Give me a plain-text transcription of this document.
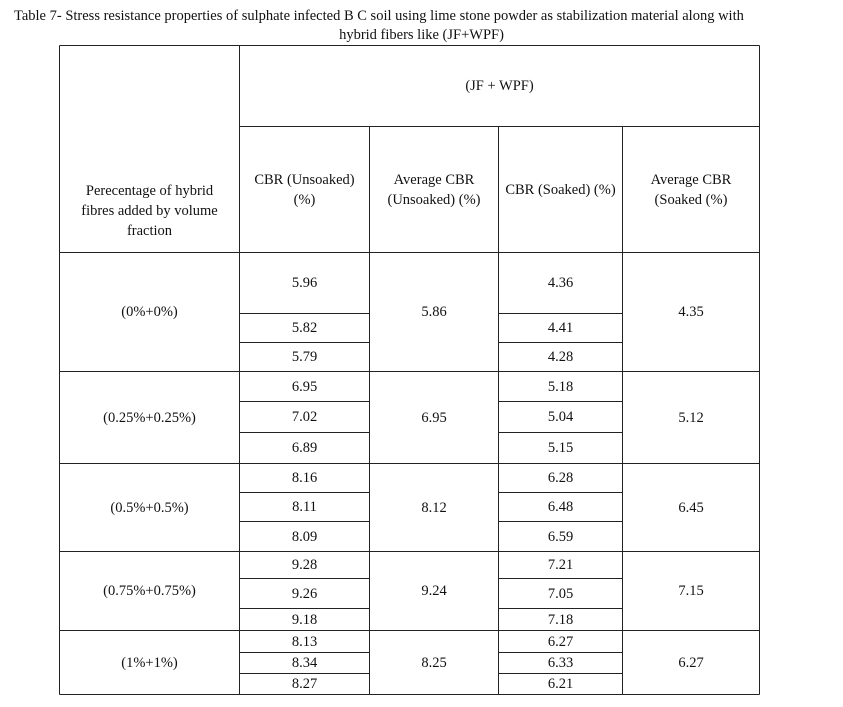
Table 7- Stress resistance properties of sulphate infected B C soil using lime stone powder as stabilization material along with
hybrid fibers like (JF+WPF)
(JF + WPF)
Perecentage of hybrid fibres added by volume fraction
CBR (Unsoaked) (%)
Average CBR (Unsoaked) (%)
CBR (Soaked) (%)
Average CBR (Soaked (%)
(0%+0%)
5.96
5.82
5.79
5.86
4.36
4.41
4.28
4.35
(0.25%+0.25%)
6.95
7.02
6.89
6.95
5.18
5.04
5.15
5.12
(0.5%+0.5%)
8.16
8.11
8.09
8.12
6.28
6.48
6.59
6.45
(0.75%+0.75%)
9.28
9.26
9.18
9.24
7.21
7.05
7.18
7.15
(1%+1%)
8.13
8.34
8.27
8.25
6.27
6.33
6.21
6.27
